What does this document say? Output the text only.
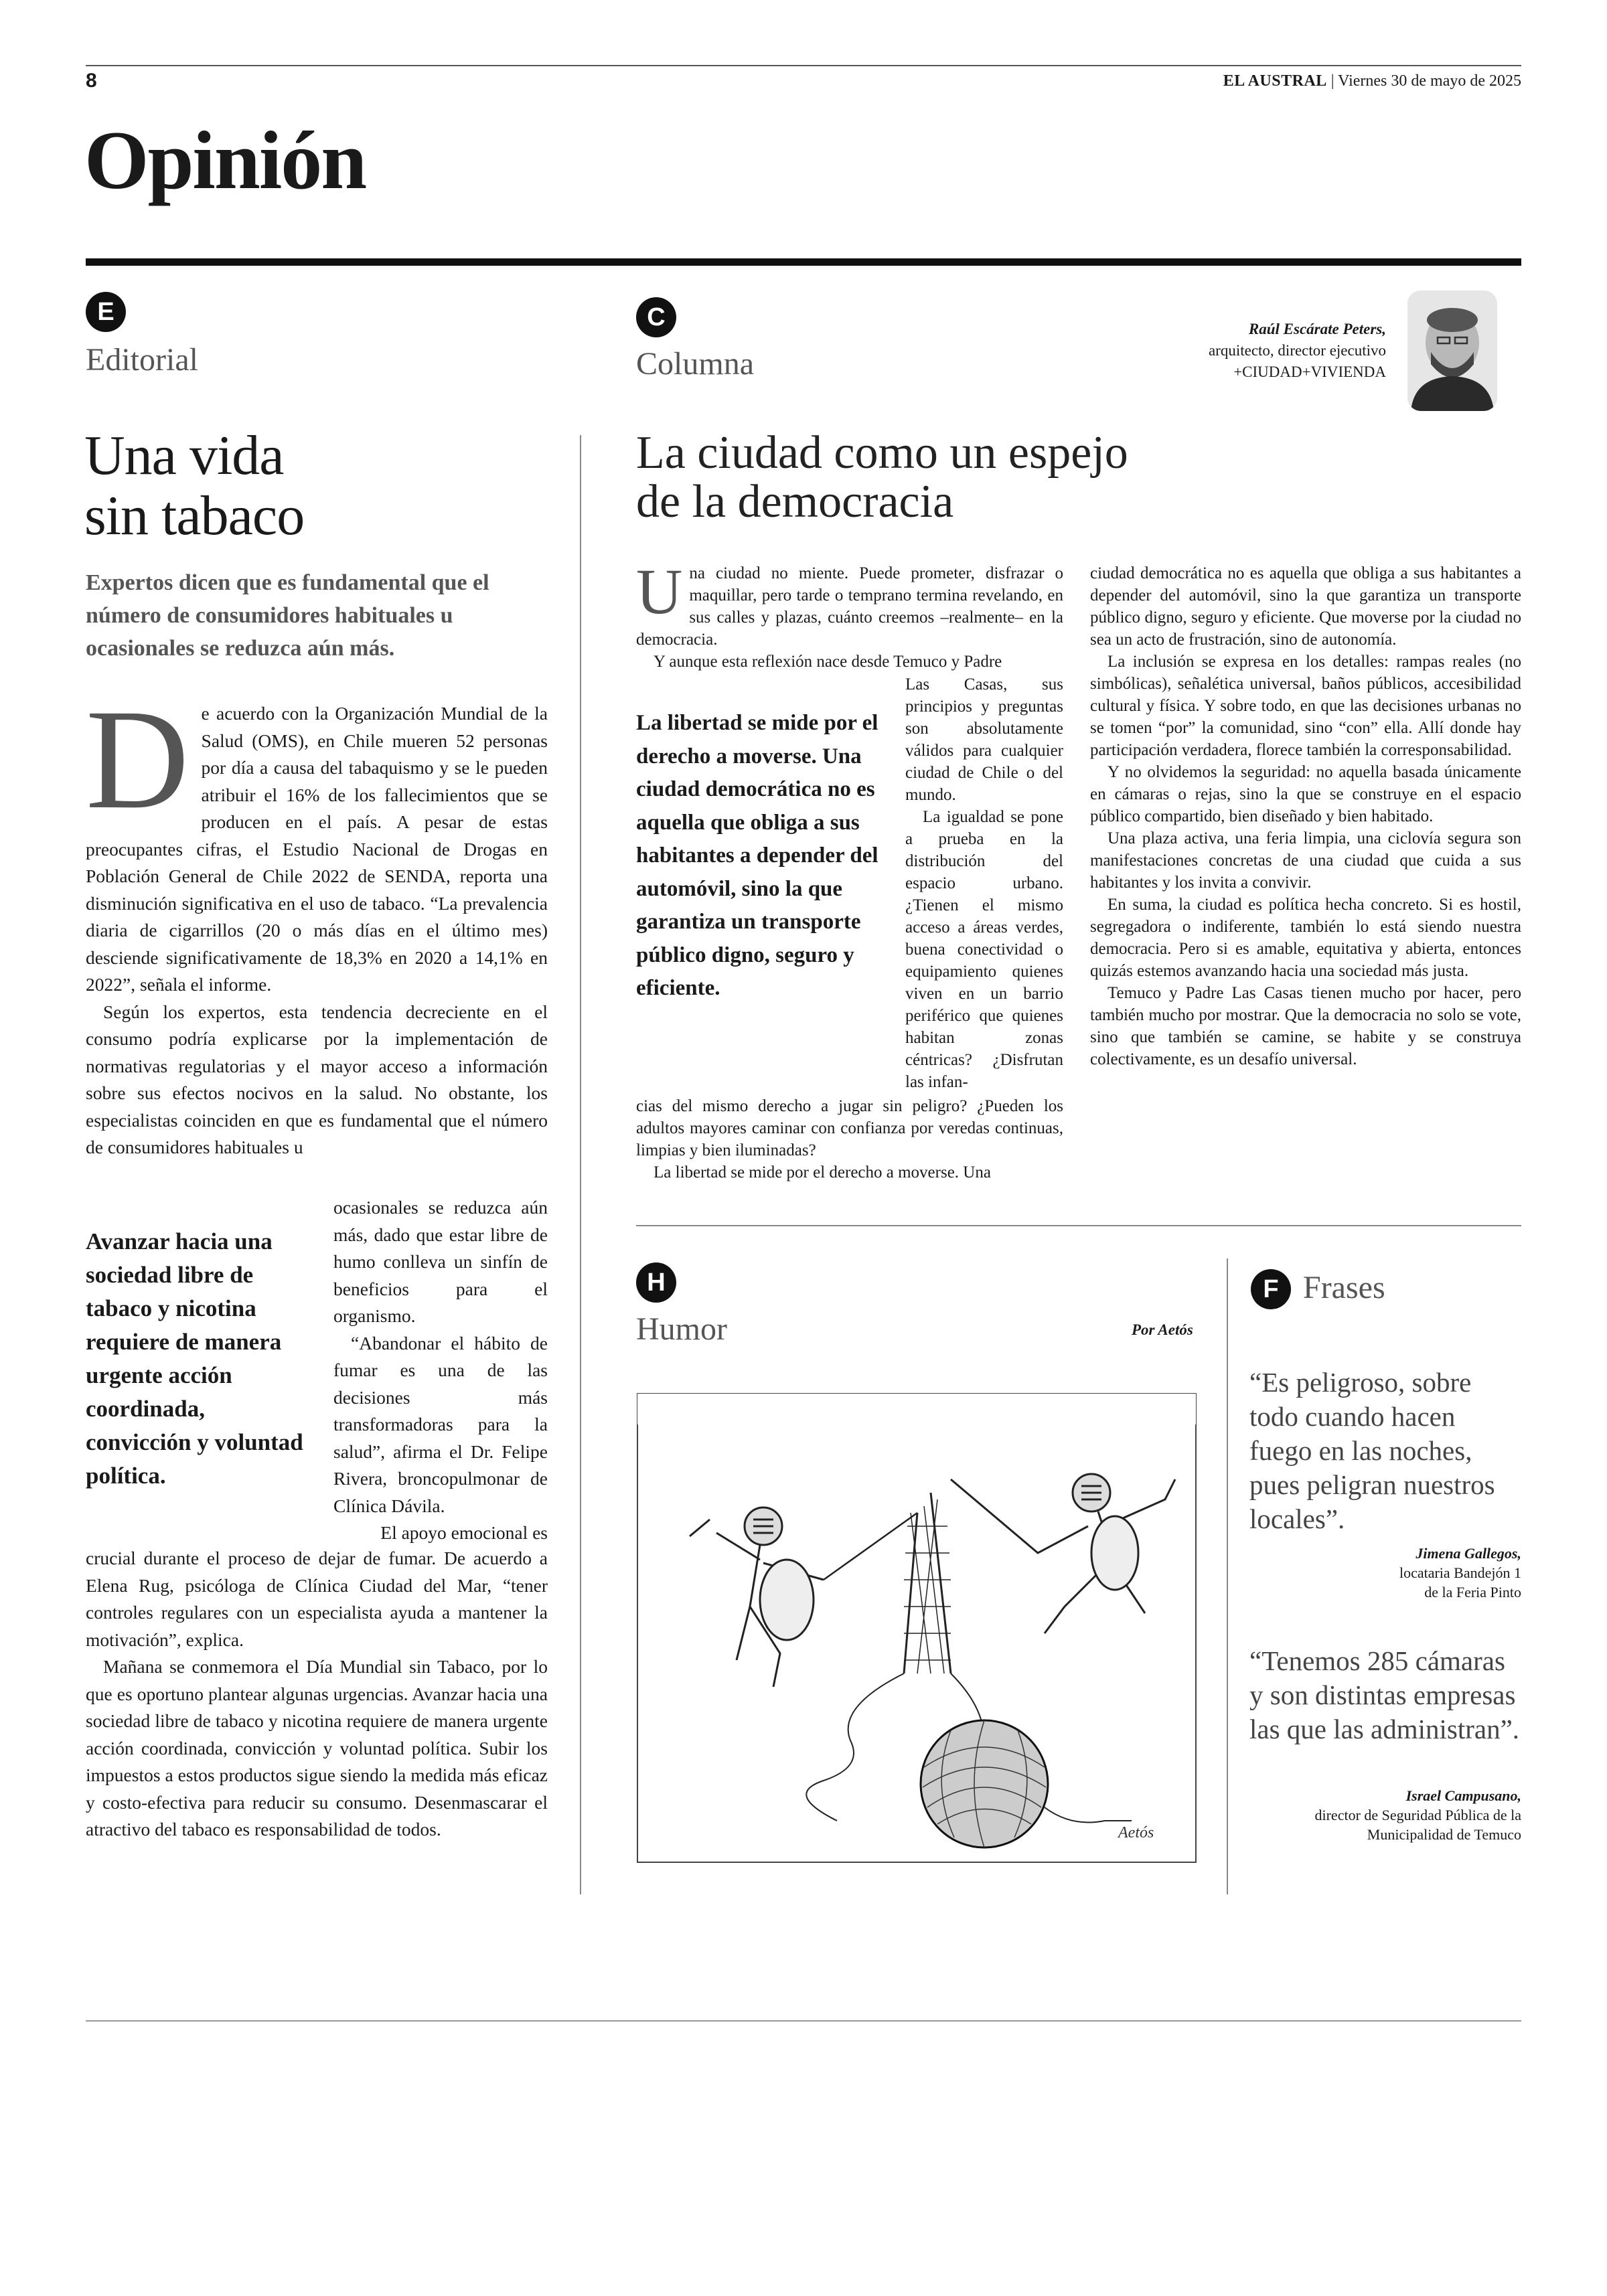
8	EL AUSTRAL | Viernes 30 de mayo de 2025
Opinión
E
Editorial
Una vida
sin tabaco
Expertos dicen que es fundamental que el número de consumidores habituales u ocasionales se reduzca aún más.
D e acuerdo con la Organización Mundial de la Salud (OMS), en Chile mueren 52 personas por día a causa del tabaquismo y se le pueden atribuir el 16% de los fallecimientos que se producen en el país. A pesar de estas preocupantes cifras, el Estudio Nacional de Drogas en Población General de Chile 2022 de SENDA, reporta una disminución significativa en el uso de tabaco. “La prevalencia diaria de cigarrillos (20 o más días en el último mes) desciende significativamente de 18,3% en 2020 a 14,1% en 2022”, señala el informe.

Según los expertos, esta tendencia decreciente en el consumo podría explicarse por la implementación de normativas regulatorias y el mayor acceso a información sobre sus efectos nocivos en la salud. No obstante, los especialistas coinciden en que es fundamental que el número de consumidores habituales u

Avanzar hacia una sociedad libre de tabaco y nicotina requiere de manera urgente acción coordinada, convicción y voluntad política.

ocasionales se reduzca aún más, dado que estar libre de humo conlleva un sinfín de beneficios para el organismo.

“Abandonar el hábito de fumar es una de las decisiones más transformadoras para la salud”, afirma el Dr. Felipe Rivera, broncopulmonar de Clínica Dávila.

El apoyo emocional es

crucial durante el proceso de dejar de fumar. De acuerdo a Elena Rug, psicóloga de Clínica Ciudad del Mar, “tener controles regulares con un especialista ayuda a mantener la motivación”, explica.

Mañana se conmemora el Día Mundial sin Tabaco, por lo que es oportuno plantear algunas urgencias. Avanzar hacia una sociedad libre de tabaco y nicotina requiere de manera urgente acción coordinada, convicción y voluntad política. Subir los impuestos a estos productos sigue siendo la medida más eficaz y costo-efectiva para reducir su consumo. Desenmascarar el atractivo del tabaco es responsabilidad de todos.

C
Columna
Raúl Escárate Peters,
arquitecto, director ejecutivo
+CIUDAD+VIVIENDA
La ciudad como un espejo
de la democracia
U na ciudad no miente. Puede prometer, disfrazar o maquillar, pero tarde o temprano termina revelando, en sus calles y plazas, cuánto creemos –realmente– en la democracia.

Y aunque esta reflexión nace desde Temuco y Padre

La libertad se mide por el derecho a moverse. Una ciudad democrática no es aquella que obliga a sus habitantes a depender del automóvil, sino la que garantiza un transporte público digno, seguro y eficiente.

Las Casas, sus principios y preguntas son absolutamente válidos para cualquier ciudad de Chile o del mundo.

La igualdad se pone a prueba en la distribución del espacio urbano. ¿Tienen el mismo acceso a áreas verdes, buena conectividad o equipamiento quienes viven en un barrio periférico que quienes habitan zonas céntricas? ¿Disfrutan las infan-

cias del mismo derecho a jugar sin peligro? ¿Pueden los adultos mayores caminar con confianza por veredas continuas, limpias y bien iluminadas?

La libertad se mide por el derecho a moverse. Una

ciudad democrática no es aquella que obliga a sus habitantes a depender del automóvil, sino la que garantiza un transporte público digno, seguro y eficiente. Que moverse por la ciudad no sea un acto de frustración, sino de autonomía.

La inclusión se expresa en los detalles: rampas reales (no simbólicas), señalética universal, baños públicos, accesibilidad cultural y física. Y sobre todo, en que las decisiones urbanas no se tomen “por” la comunidad, sino “con” ella. Allí donde hay participación verdadera, florece también la corresponsabilidad.

Y no olvidemos la seguridad: no aquella basada únicamente en cámaras o rejas, sino la que se construye en el espacio público compartido, bien diseñado y bien habitado.

Una plaza activa, una feria limpia, una ciclovía segura son manifestaciones concretas de una ciudad que cuida a sus habitantes y los invita a convivir.

En suma, la ciudad es política hecha concreto. Si es hostil, segregadora o indiferente, también lo está siendo nuestra democracia. Pero si es amable, equitativa y abierta, entonces quizás estemos avanzando hacia una sociedad más justa.

Temuco y Padre Las Casas tienen mucho por hacer, pero también mucho por mostrar. Que la democracia no solo se vote, sino que también se camine, se habite y se construya colectivamente, es un desafío universal.

H
Humor	Por Aetós
Aetós
F Frases
“Es peligroso, sobre todo cuando hacen fuego en las noches, pues peligran nuestros locales”.
Jimena Gallegos,
locataria Bandejón 1
de la Feria Pinto
“Tenemos 285 cámaras y son distintas empresas las que las administran”.
Israel Campusano,
director de Seguridad Pública de la
Municipalidad de Temuco
